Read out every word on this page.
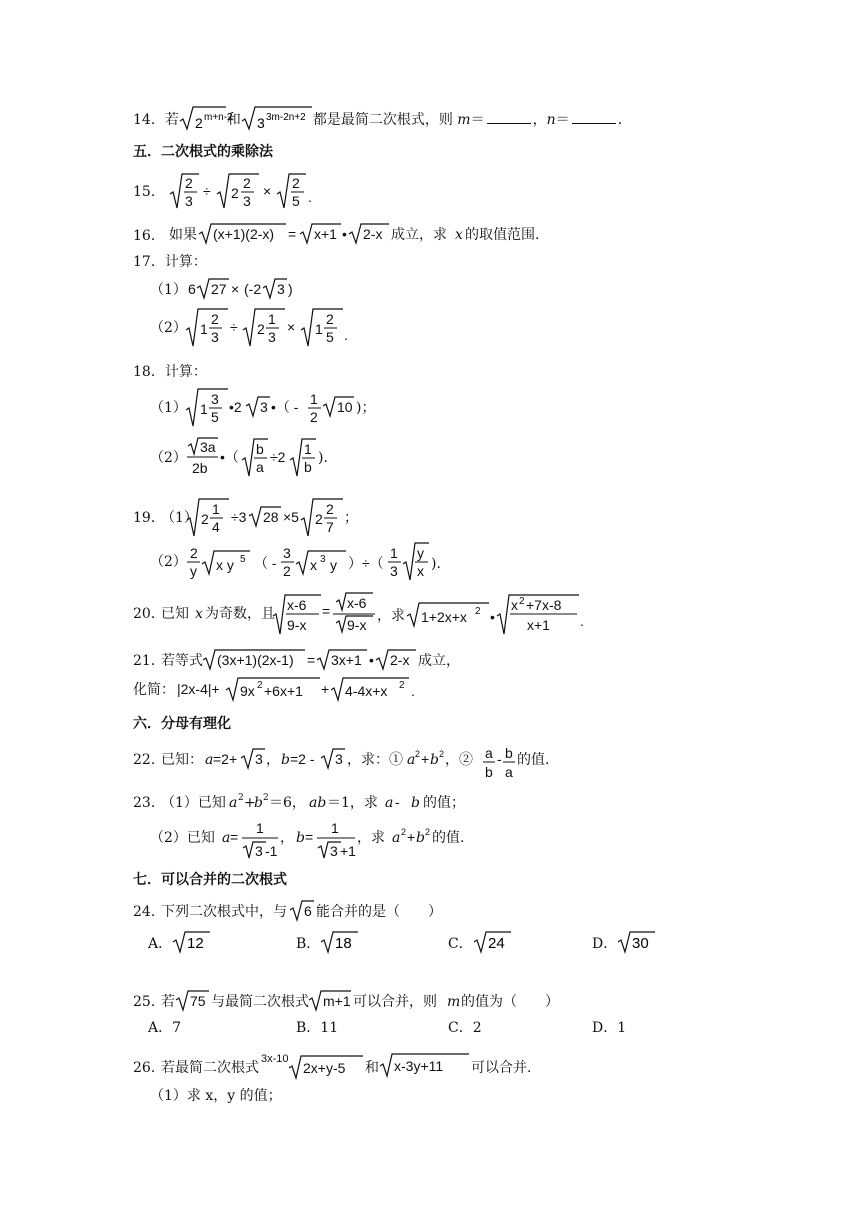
14．若 2 m+n-2
和 3 3m-2n+2 都是最简二次根式，则 m＝	，n＝	.
五．二次根式的乘除法
15．
2
3
÷ 2
2
3
× 2
5 .
16． 如果 (x+1)(2-x) = x+1 • 2-x 成立，求 x 的取值范围.
17．计算：
（1） 6 27 × (-2 3 )
（2） 1
2
3
÷ 2
1
3
× 1
2
5 .
18．计算：
（1） 1
3
5
•2 3 •（ - 1
2
10 )；
（2）
3a
2b
•（ b
a
÷2 1
b
).
19．
（1） 2
1
4
÷3 28 ×5 2
2
7
；
（2）
2
y x y 5 （ -
3
2 x 3 y ）÷（
1
3
y
x ).
20．
已知 x 为奇数，且
x-6
9-x
= x-6
9-x
，求 1+2x+x 2 •
x 2 +7x-8
x+1 .
21．
若等式 (3x+1)(2x-1) = 3x+1 • 2-x 成立，
化简： |2x-4|+ 9x 2 +6x+1 + 4-4x+x 2 .
六．分母有理化
22．
已知： a =2+ 3 ， b =2 - 3 ，求：① a 2 + b 2 ，② a
b
- b
a
的值.
23．
（1）已知 a 2 +
b 2 ＝6， ab ＝1，求 a - b 的值；
（2）已知 a =
1
3 -1
， b =
1
3 +1
，求 a 2 + b 2 的值.
七．可以合并的二次根式
24．
下列二次根式中，与 6 能合并的是（　　）
A． 12	B． 18	C． 24	D． 30
25．
若 75 与最简二次根式 m+1 可以合并，则 m 的值为（　　）
A．7	B．11	C．2	D．1
26．
若最简二次根式
3x-10
2x+y-5 和 x-3y+11 可以合并.
（1）求 x，y 的值；
